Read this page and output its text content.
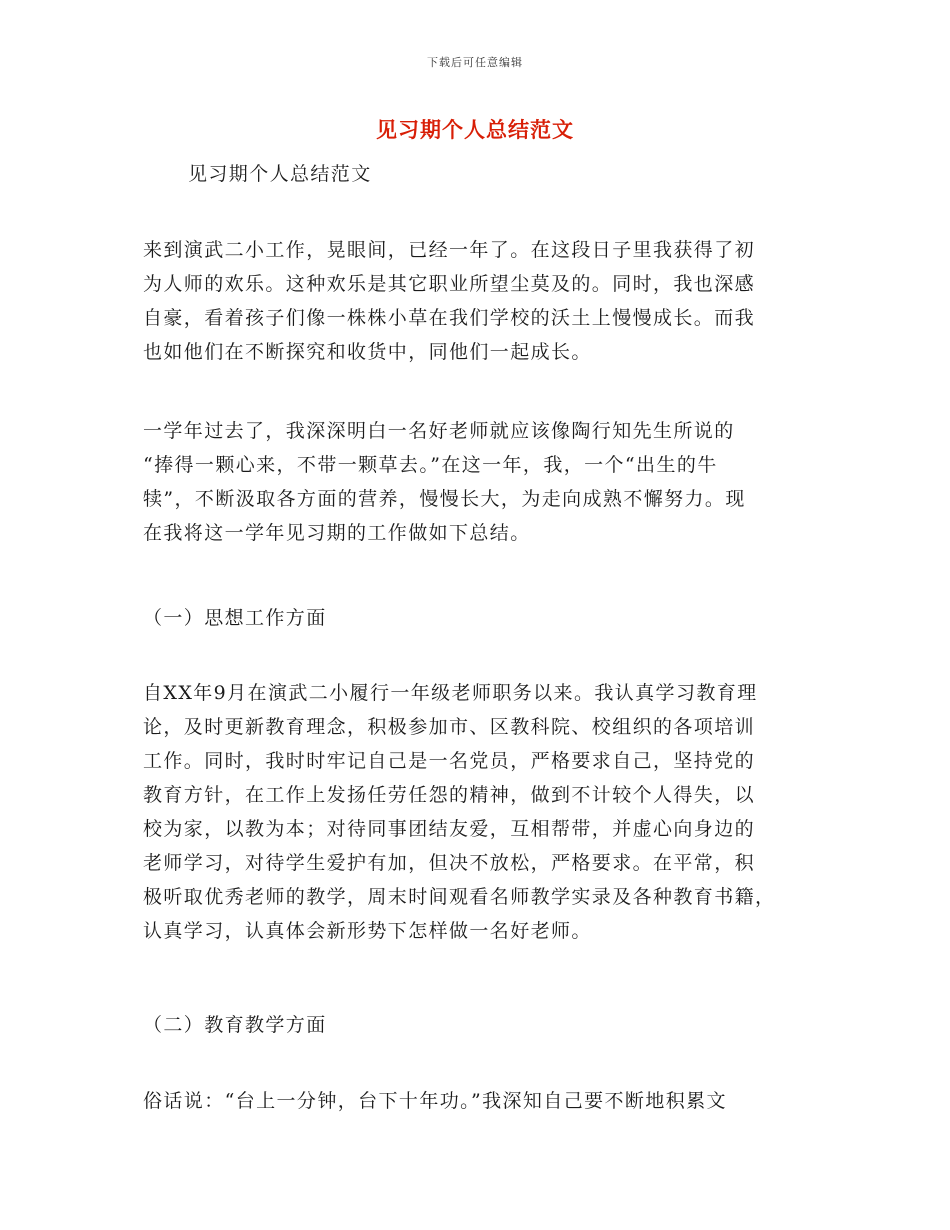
下载后可任意编辑
见习期个人总结范文

见习期个人总结范文

来到演武二小工作，晃眼间，已经一年了。在这段日子里我获得了初
为人师的欢乐。这种欢乐是其它职业所望尘莫及的。同时，我也深感
自豪，看着孩子们像一株株小草在我们学校的沃土上慢慢成长。而我
也如他们在不断探究和收货中，同他们一起成长。

一学年过去了，我深深明白一名好老师就应该像陶行知先生所说的
“捧得一颗心来，不带一颗草去。”在这一年，我，一个“出生的牛
犊”，不断汲取各方面的营养，慢慢长大，为走向成熟不懈努力。现
在我将这一学年见习期的工作做如下总结。

（一）思想工作方面

自XX年9月在演武二小履行一年级老师职务以来。我认真学习教育理
论，及时更新教育理念，积极参加市、区教科院、校组织的各项培训
工作。同时，我时时牢记自己是一名党员，严格要求自己，坚持党的
教育方针，在工作上发扬任劳任怨的精神，做到不计较个人得失，以
校为家，以教为本；对待同事团结友爱，互相帮带，并虚心向身边的
老师学习，对待学生爱护有加，但决不放松，严格要求。在平常，积
极听取优秀老师的教学，周末时间观看名师教学实录及各种教育书籍，
认真学习，认真体会新形势下怎样做一名好老师。

（二）教育教学方面

俗话说：“台上一分钟，台下十年功。”我深知自己要不断地积累文
